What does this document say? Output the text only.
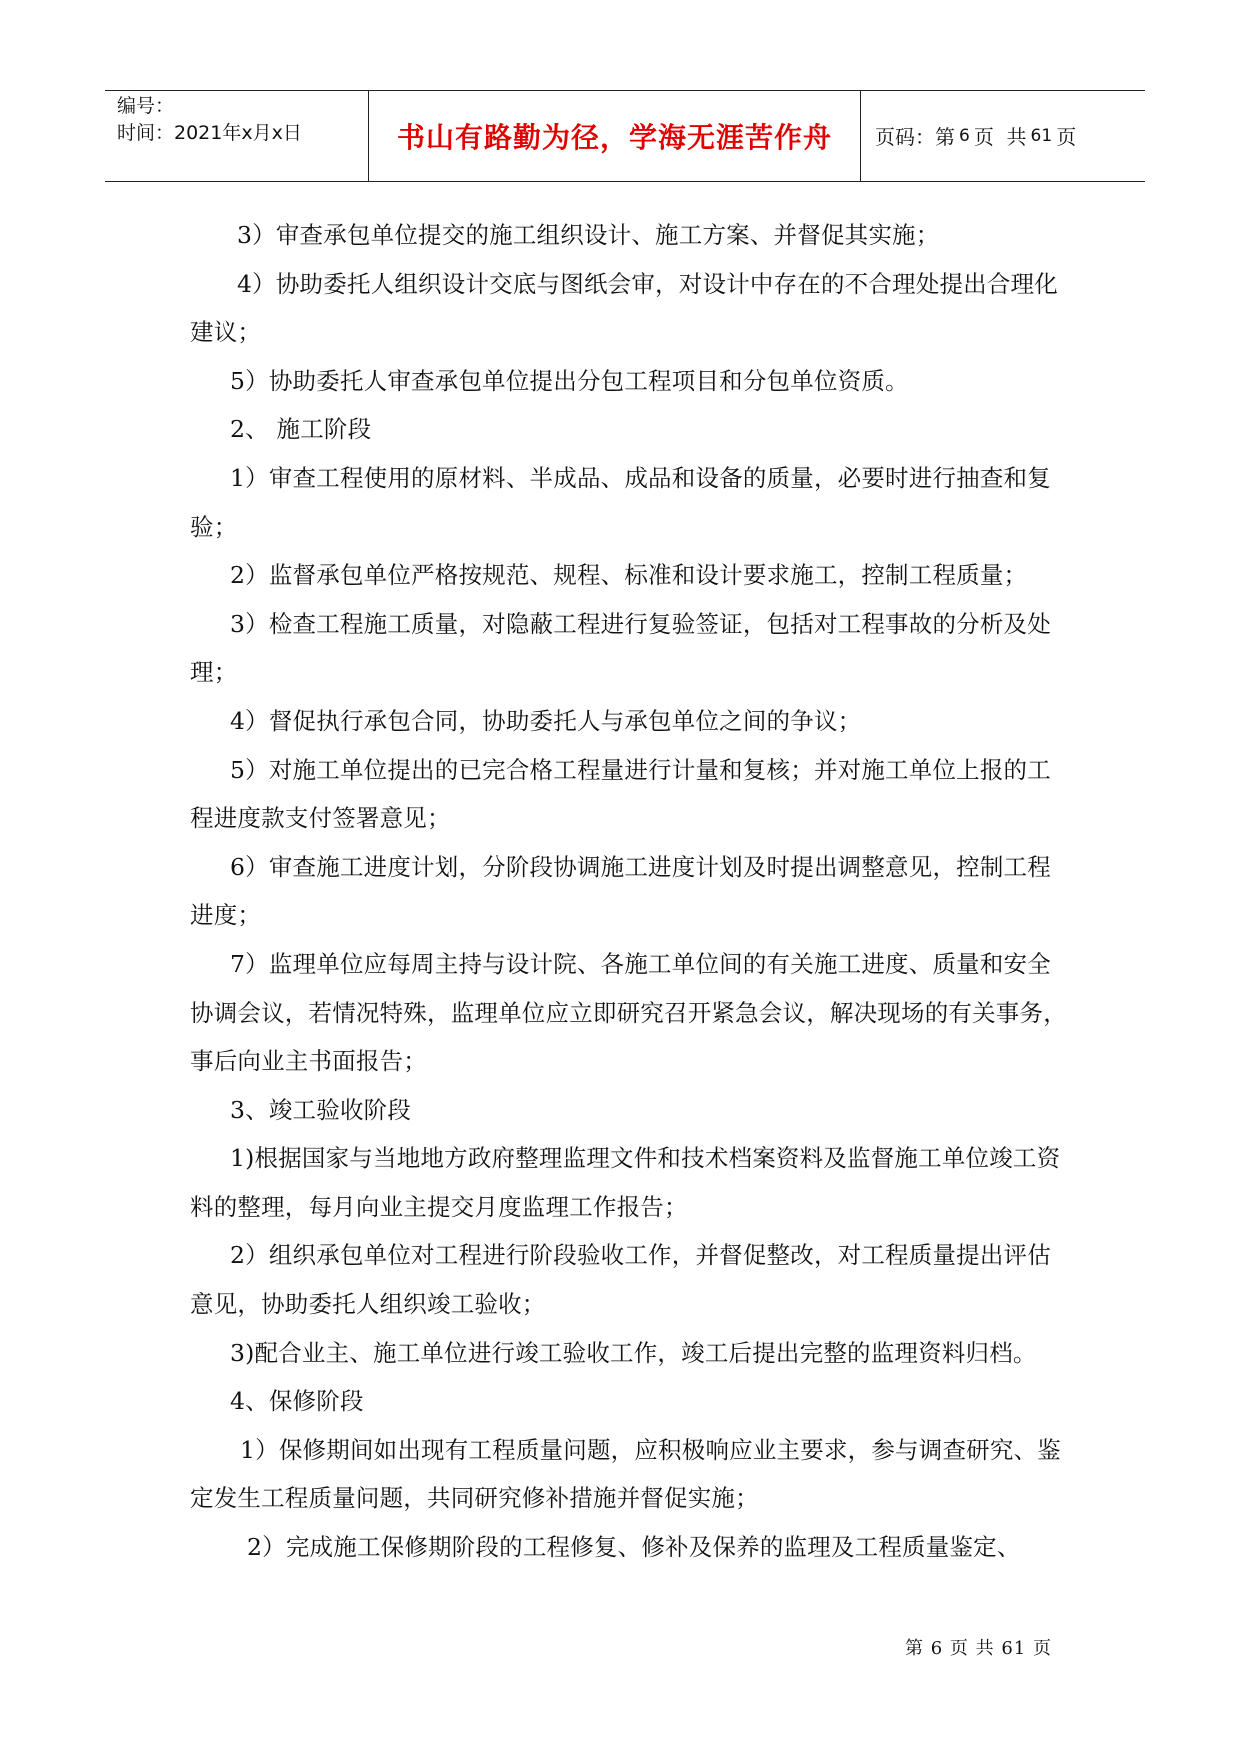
编号：
时间：2021年x月x日	书山有路勤为径，学海无涯苦作舟	页码：第 6 页  共 61 页

3）审查承包单位提交的施工组织设计、施工方案、并督促其实施；

4）协助委托人组织设计交底与图纸会审，对设计中存在的不合理处提出合理化建议；

5）协助委托人审查承包单位提出分包工程项目和分包单位资质。

2、 施工阶段

1）审查工程使用的原材料、半成品、成品和设备的质量，必要时进行抽查和复验；

2）监督承包单位严格按规范、规程、标准和设计要求施工，控制工程质量；

3）检查工程施工质量，对隐蔽工程进行复验签证，包括对工程事故的分析及处理；

4）督促执行承包合同，协助委托人与承包单位之间的争议；

5）对施工单位提出的已完合格工程量进行计量和复核；并对施工单位上报的工程进度款支付签署意见；

6）审查施工进度计划，分阶段协调施工进度计划及时提出调整意见，控制工程进度；

7）监理单位应每周主持与设计院、各施工单位间的有关施工进度、质量和安全协调会议，若情况特殊，监理单位应立即研究召开紧急会议，解决现场的有关事务，事后向业主书面报告；

3、竣工验收阶段

1)根据国家与当地地方政府整理监理文件和技术档案资料及监督施工单位竣工资料的整理，每月向业主提交月度监理工作报告；

2）组织承包单位对工程进行阶段验收工作，并督促整改，对工程质量提出评估意见，协助委托人组织竣工验收；

3)配合业主、施工单位进行竣工验收工作，竣工后提出完整的监理资料归档。

4、保修阶段

1）保修期间如出现有工程质量问题，应积极响应业主要求，参与调查研究、鉴定发生工程质量问题，共同研究修补措施并督促实施；

2）完成施工保修期阶段的工程修复、修补及保养的监理及工程质量鉴定、

第 6 页 共 61 页
